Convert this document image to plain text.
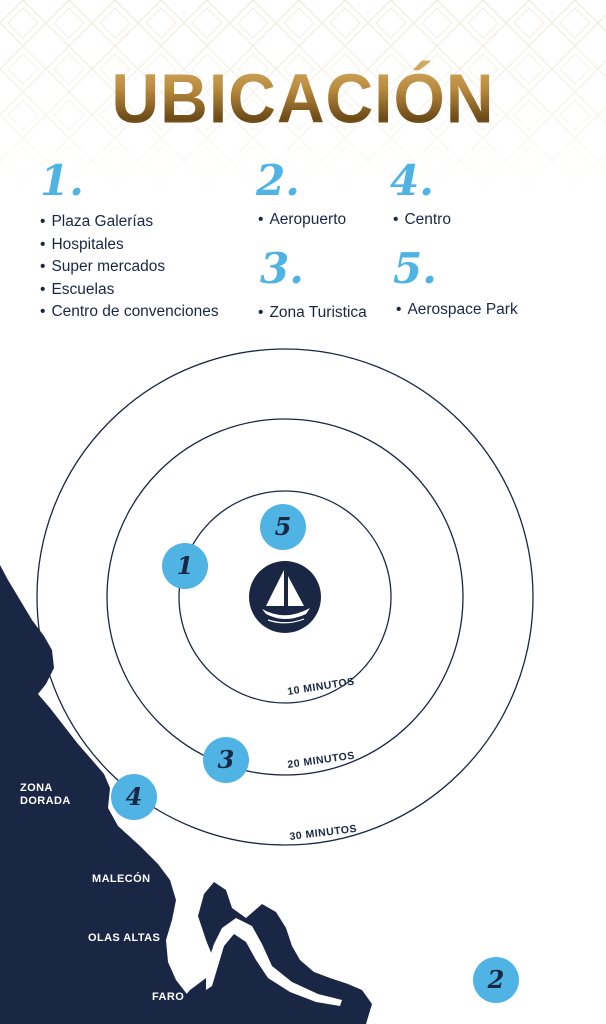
UBICACIÓN
1.	2. 4.
3. 5.
• Plaza Galerías
• Hospitales
• Super mercados
• Escuelas
• Centro de convenciones
• Aeropuerto	• Centro
• Zona Turistica	• Aerospace Park
10 MINUTOS
20 MINUTOS
30 MINUTOS
5
1
3
4
2
ZONA
DORADA
MALECÓN
OLAS ALTAS
FARO
